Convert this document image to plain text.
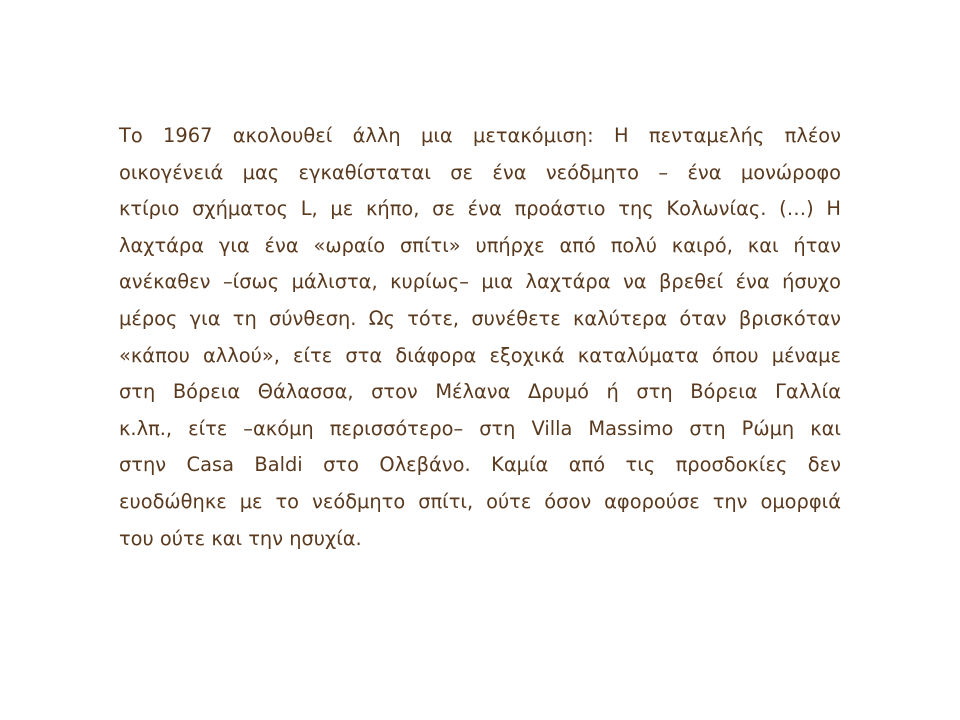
Το 1967 ακολουθεί άλλη μια μετακόμιση: Η πενταμελής πλέον
οικογένειά μας εγκαθίσταται σε ένα νεόδμητο – ένα μονώροφο
κτίριο σχήματος L, με κήπο, σε ένα προάστιο της Κολωνίας. (…) Η
λαχτάρα για ένα «ωραίο σπίτι» υπήρχε από πολύ καιρό, και ήταν
ανέκαθεν –ίσως μάλιστα, κυρίως– μια λαχτάρα να βρεθεί ένα ήσυχο
μέρος για τη σύνθεση. Ως τότε, συνέθετε καλύτερα όταν βρισκόταν
«κάπου αλλού», είτε στα διάφορα εξοχικά καταλύματα όπου μέναμε
στη Βόρεια Θάλασσα, στον Μέλανα Δρυμό ή στη Βόρεια Γαλλία
κ.λπ., είτε –ακόμη περισσότερο– στη Villa Massimo στη Ρώμη και
στην Casa Baldi στο Ολεβάνο. Καμία από τις προσδοκίες δεν
ευοδώθηκε με το νεόδμητο σπίτι, ούτε όσον αφορούσε την ομορφιά
του ούτε και την ησυχία.
